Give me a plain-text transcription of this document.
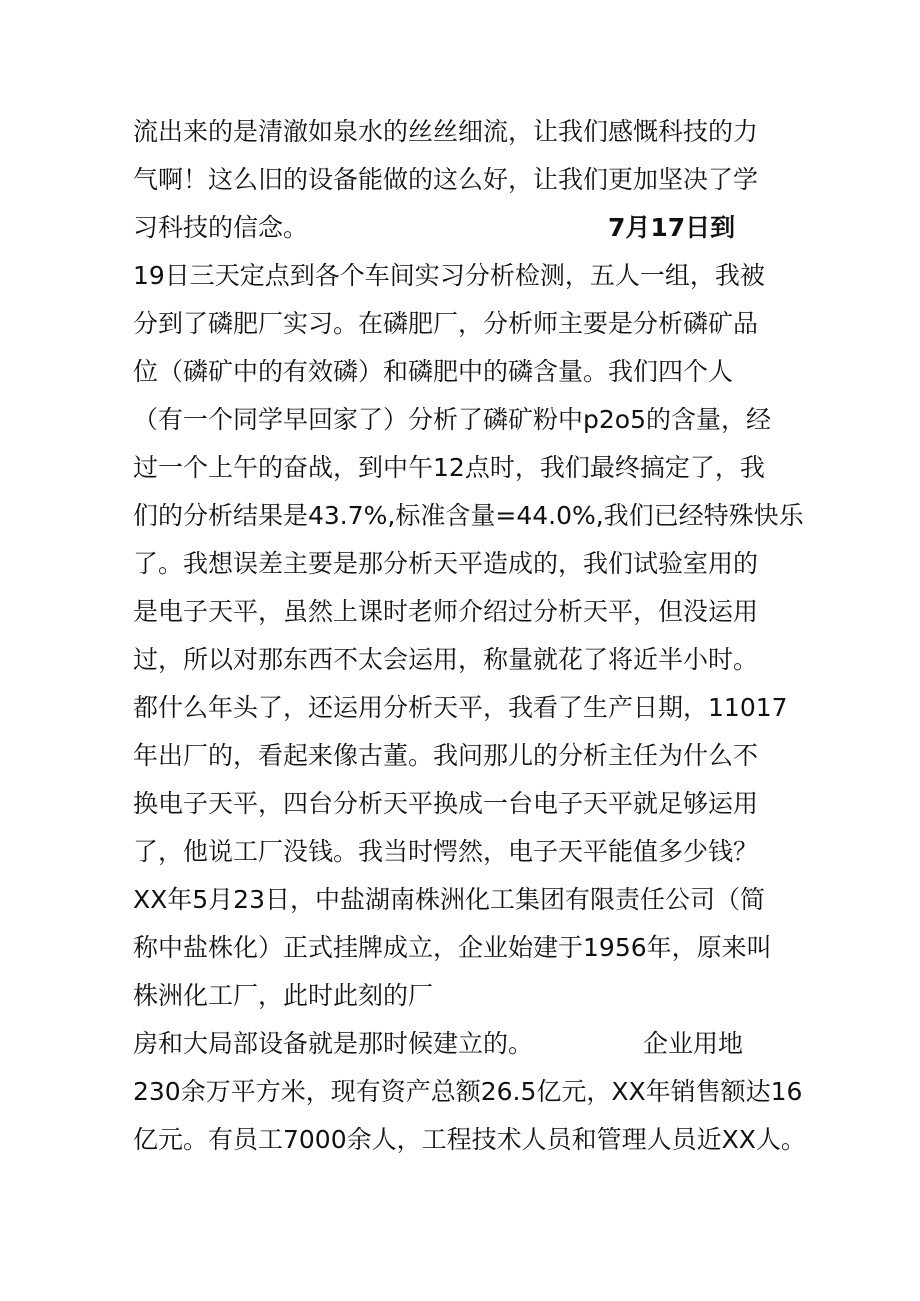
流出来的是清澈如泉水的丝丝细流，让我们感慨科技的力
气啊！这么旧的设备能做的这么好，让我们更加坚决了学
习科技的信念。	7月17日到
19日三天定点到各个车间实习分析检测，五人一组，我被
分到了磷肥厂实习。在磷肥厂，分析师主要是分析磷矿品
位（磷矿中的有效磷）和磷肥中的磷含量。我们四个人
（有一个同学早回家了）分析了磷矿粉中p2o5的含量，经
过一个上午的奋战，到中午12点时，我们最终搞定了，我
们的分析结果是43.7%,标准含量=44.0%,我们已经特殊快乐
了。我想误差主要是那分析天平造成的，我们试验室用的
是电子天平，虽然上课时老师介绍过分析天平，但没运用
过，所以对那东西不太会运用，称量就花了将近半小时。
都什么年头了，还运用分析天平，我看了生产日期，11017
年出厂的，看起来像古董。我问那儿的分析主任为什么不
换电子天平，四台分析天平换成一台电子天平就足够运用
了，他说工厂没钱。我当时愕然，电子天平能值多少钱？
XX年5月23日，中盐湖南株洲化工集团有限责任公司（简
称中盐株化）正式挂牌成立，企业始建于1956年，原来叫
株洲化工厂，此时此刻的厂
房和大局部设备就是那时候建立的。	企业用地
230余万平方米，现有资产总额26.5亿元，XX年销售额达16
亿元。有员工7000余人，工程技术人员和管理人员近XX人。
